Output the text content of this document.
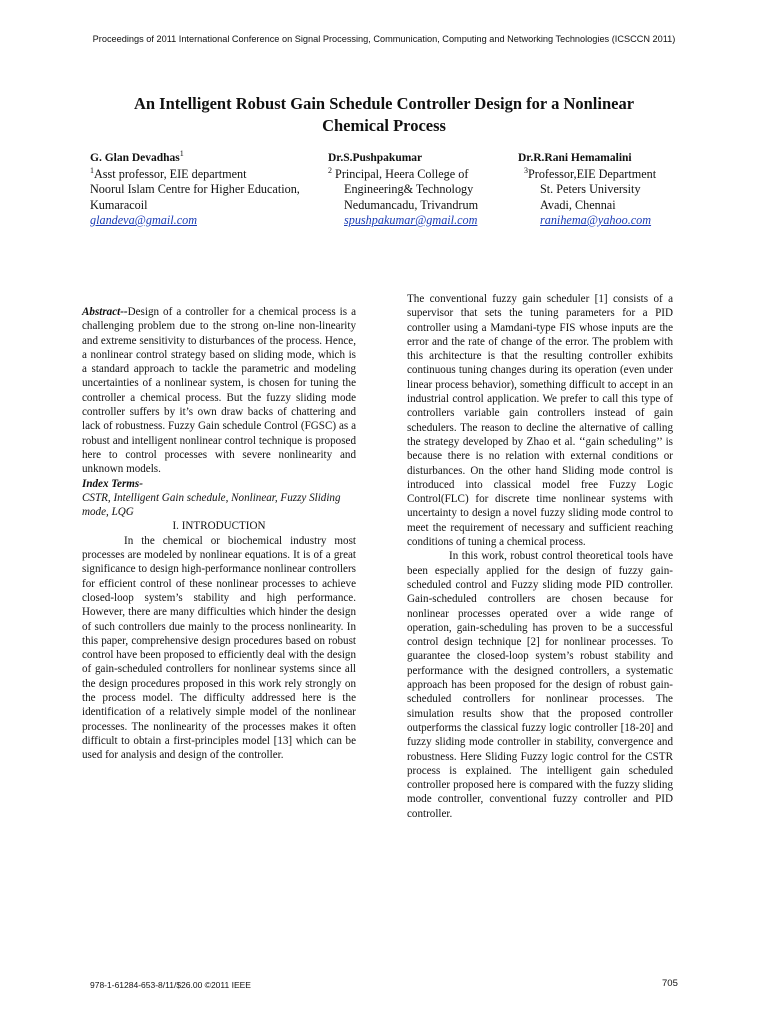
Proceedings of 2011 International Conference on Signal Processing, Communication, Computing and Networking Technologies (ICSCCN 2011)
An Intelligent Robust Gain Schedule Controller Design for a Nonlinear
Chemical Process
G. Glan Devadhas$^1$
$^1$Asst professor, EIE department
Noorul Islam Centre for Higher Education,
Kumaracoil
glandeva@gmail.com
Dr.S.Pushpakumar
$^2$ Principal, Heera College of
Engineering& Technology
Nedumancadu, Trivandrum
spushpakumar@gmail.com
Dr.R.Rani Hemamalini
$^3$Professor,EIE Department
St. Peters University
Avadi, Chennai
ranihema@yahoo.com

Abstract--Design of a controller for a chemical process is a challenging problem due to the strong on-line non-linearity and extreme sensitivity to disturbances of the process. Hence, a nonlinear control strategy based on sliding mode, which is a standard approach to tackle the parametric and modeling uncertainties of a nonlinear system, is chosen for tuning the controller a chemical process. But the fuzzy sliding mode controller suffers by it’s own draw backs of chattering and lack of robustness. Fuzzy Gain schedule Control (FGSC) as a robust and intelligent nonlinear control technique is proposed here to control processes with severe nonlinearity and unknown models.

Index Terms-

CSTR, Intelligent Gain schedule, Nonlinear, Fuzzy Sliding mode, LQG

I. INTRODUCTION

In the chemical or biochemical industry most processes are modeled by nonlinear equations. It is of a great significance to design high-performance nonlinear controllers for efficient control of these nonlinear processes to achieve closed-loop system’s stability and high performance. However, there are many difficulties which hinder the design of such controllers due mainly to the process nonlinearity. In this paper, comprehensive design procedures based on robust control have been proposed to efficiently deal with the design of gain-scheduled controllers for nonlinear systems since all the design procedures proposed in this work rely strongly on the process model. The difficulty addressed here is the identification of a relatively simple model of the nonlinear processes. The nonlinearity of the processes makes it often difficult to obtain a first-principles model [13] which can be used for analysis and design of the controller.

The conventional fuzzy gain scheduler [1] consists of a supervisor that sets the tuning parameters for a PID controller using a Mamdani-type FIS whose inputs are the error and the rate of change of the error. The problem with this architecture is that the resulting controller exhibits continuous tuning changes during its operation (even under linear process behavior), something difficult to accept in an industrial control application. We prefer to call this type of controllers variable gain controllers instead of gain schedulers. The reason to decline the alternative of calling the strategy developed by Zhao et al. ‘‘gain scheduling’’ is because there is no relation with external conditions or disturbances. On the other hand Sliding mode control is introduced into classical model free Fuzzy Logic Control(FLC) for discrete time nonlinear systems with uncertainty to design a novel fuzzy sliding mode control to meet the requirement of necessary and sufficient reaching conditions of tuning a chemical process.

In this work, robust control theoretical tools have been especially applied for the design of fuzzy gain-scheduled control and Fuzzy sliding mode PID controller. Gain-scheduled controllers are chosen because for nonlinear processes operated over a wide range of operation, gain-scheduling has proven to be a successful control design technique [2] for nonlinear processes. To guarantee the closed-loop system’s robust stability and performance with the designed controllers, a systematic approach has been proposed for the design of robust gain-scheduled controllers for nonlinear processes. The simulation results show that the proposed controller outperforms the classical fuzzy logic controller [18-20] and fuzzy sliding mode controller in stability, convergence and robustness. Here Sliding Fuzzy logic control for the CSTR process is explained. The intelligent gain scheduled controller proposed here is compared with the fuzzy sliding mode controller, conventional fuzzy controller and PID controller.

978-1-61284-653-8/11/$26.00 ©2011 IEEE	705
